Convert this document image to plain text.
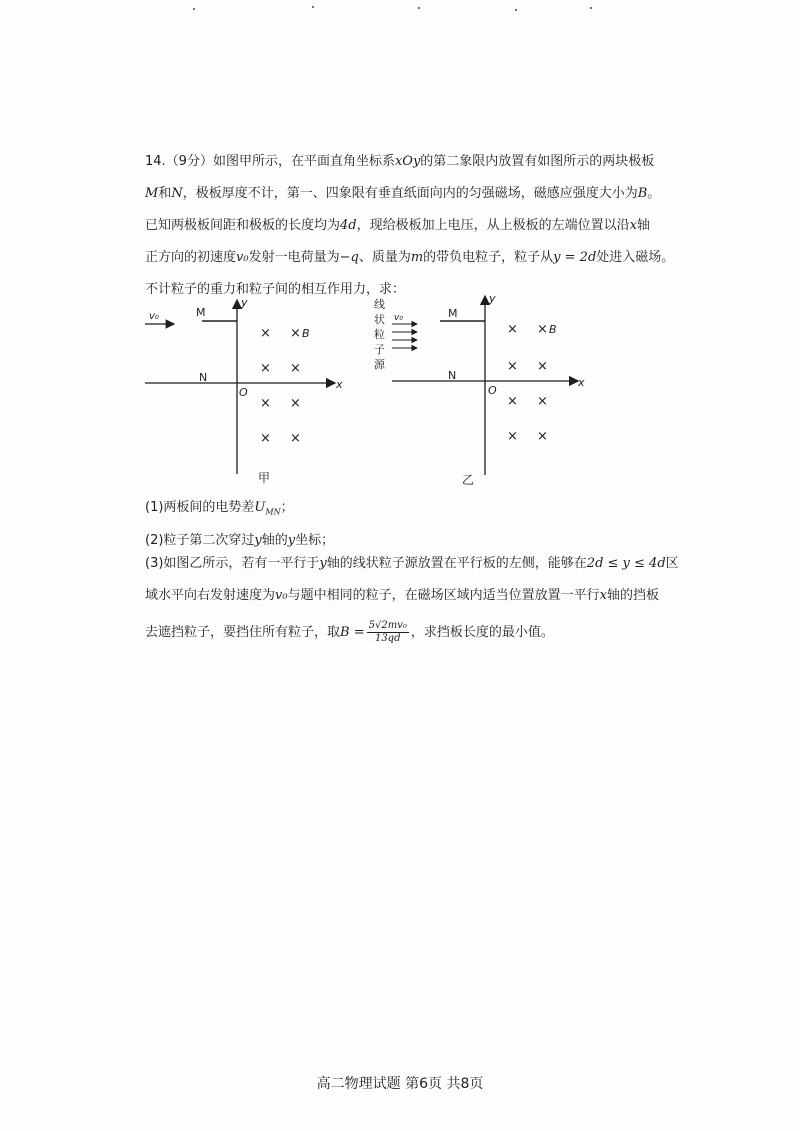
14.（9分）如图甲所示，在平面直角坐标系xOy的第二象限内放置有如图所示的两块极板
M和N，极板厚度不计，第一、四象限有垂直纸面向内的匀强磁场，磁感应强度大小为B。
已知两极板间距和极板的长度均为4d，现给极板加上电压，从上极板的左端位置以沿x轴
正方向的初速度v₀发射一电荷量为−q、质量为m的带负电粒子，粒子从y = 2d处进入磁场。
不计粒子的重力和粒子间的相互作用力，求：
(1)两板间的电势差$U_{MN}$；
(2)粒子第二次穿过y轴的y坐标；
(3)如图乙所示，若有一平行于y轴的线状粒子源放置在平行板的左侧，能够在2d ≤ y ≤ 4d区
域水平向右发射速度为v₀与题中相同的粒子，在磁场区域内适当位置放置一平行x轴的挡板
去遮挡粒子，要挡住所有粒子，取$B = \frac{\text{5√2mv₀}}{13qd}$ ，求挡板长度的最小值。
v₀	M
N
O
x
y
× × B
× ×
× ×
× ×
甲
v₀
线
状
粒
子
源
M
N
O
x
y
× × B
× ×
× ×
× ×
乙
高二物理试题 第6页 共8页
